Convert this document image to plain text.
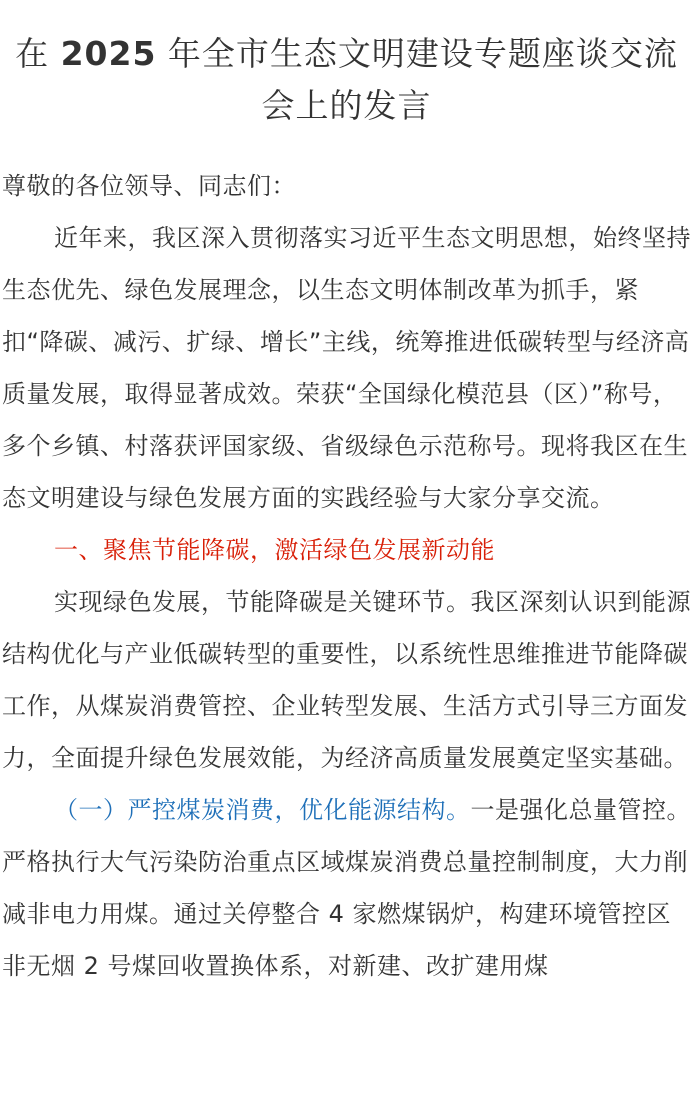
在 2025 年全市生态文明建设专题座谈交流
会上的发言

尊敬的各位领导、同志们：

近年来，我区深入贯彻落实习近平生态文明思想，始终坚持生态优先、绿色发展理念，以生态文明体制改革为抓手，紧扣“降碳、减污、扩绿、增长”主线，统筹推进低碳转型与经济高质量发展，取得显著成效。荣获“全国绿化模范县（区）”称号，多个乡镇、村落获评国家级、省级绿色示范称号。现将我区在生态文明建设与绿色发展方面的实践经验与大家分享交流。

一、聚焦节能降碳，激活绿色发展新动能

实现绿色发展，节能降碳是关键环节。我区深刻认识到能源结构优化与产业低碳转型的重要性，以系统性思维推进节能降碳工作，从煤炭消费管控、企业转型发展、生活方式引导三方面发力，全面提升绿色发展效能，为经济高质量发展奠定坚实基础。

（一）严控煤炭消费，优化能源结构。一是强化总量管控。严格执行大气污染防治重点区域煤炭消费总量控制制度，大力削减非电力用煤。通过关停整合 4 家燃煤锅炉，构建环境管控区非无烟 2 号煤回收置换体系，对新建、改扩建用煤
